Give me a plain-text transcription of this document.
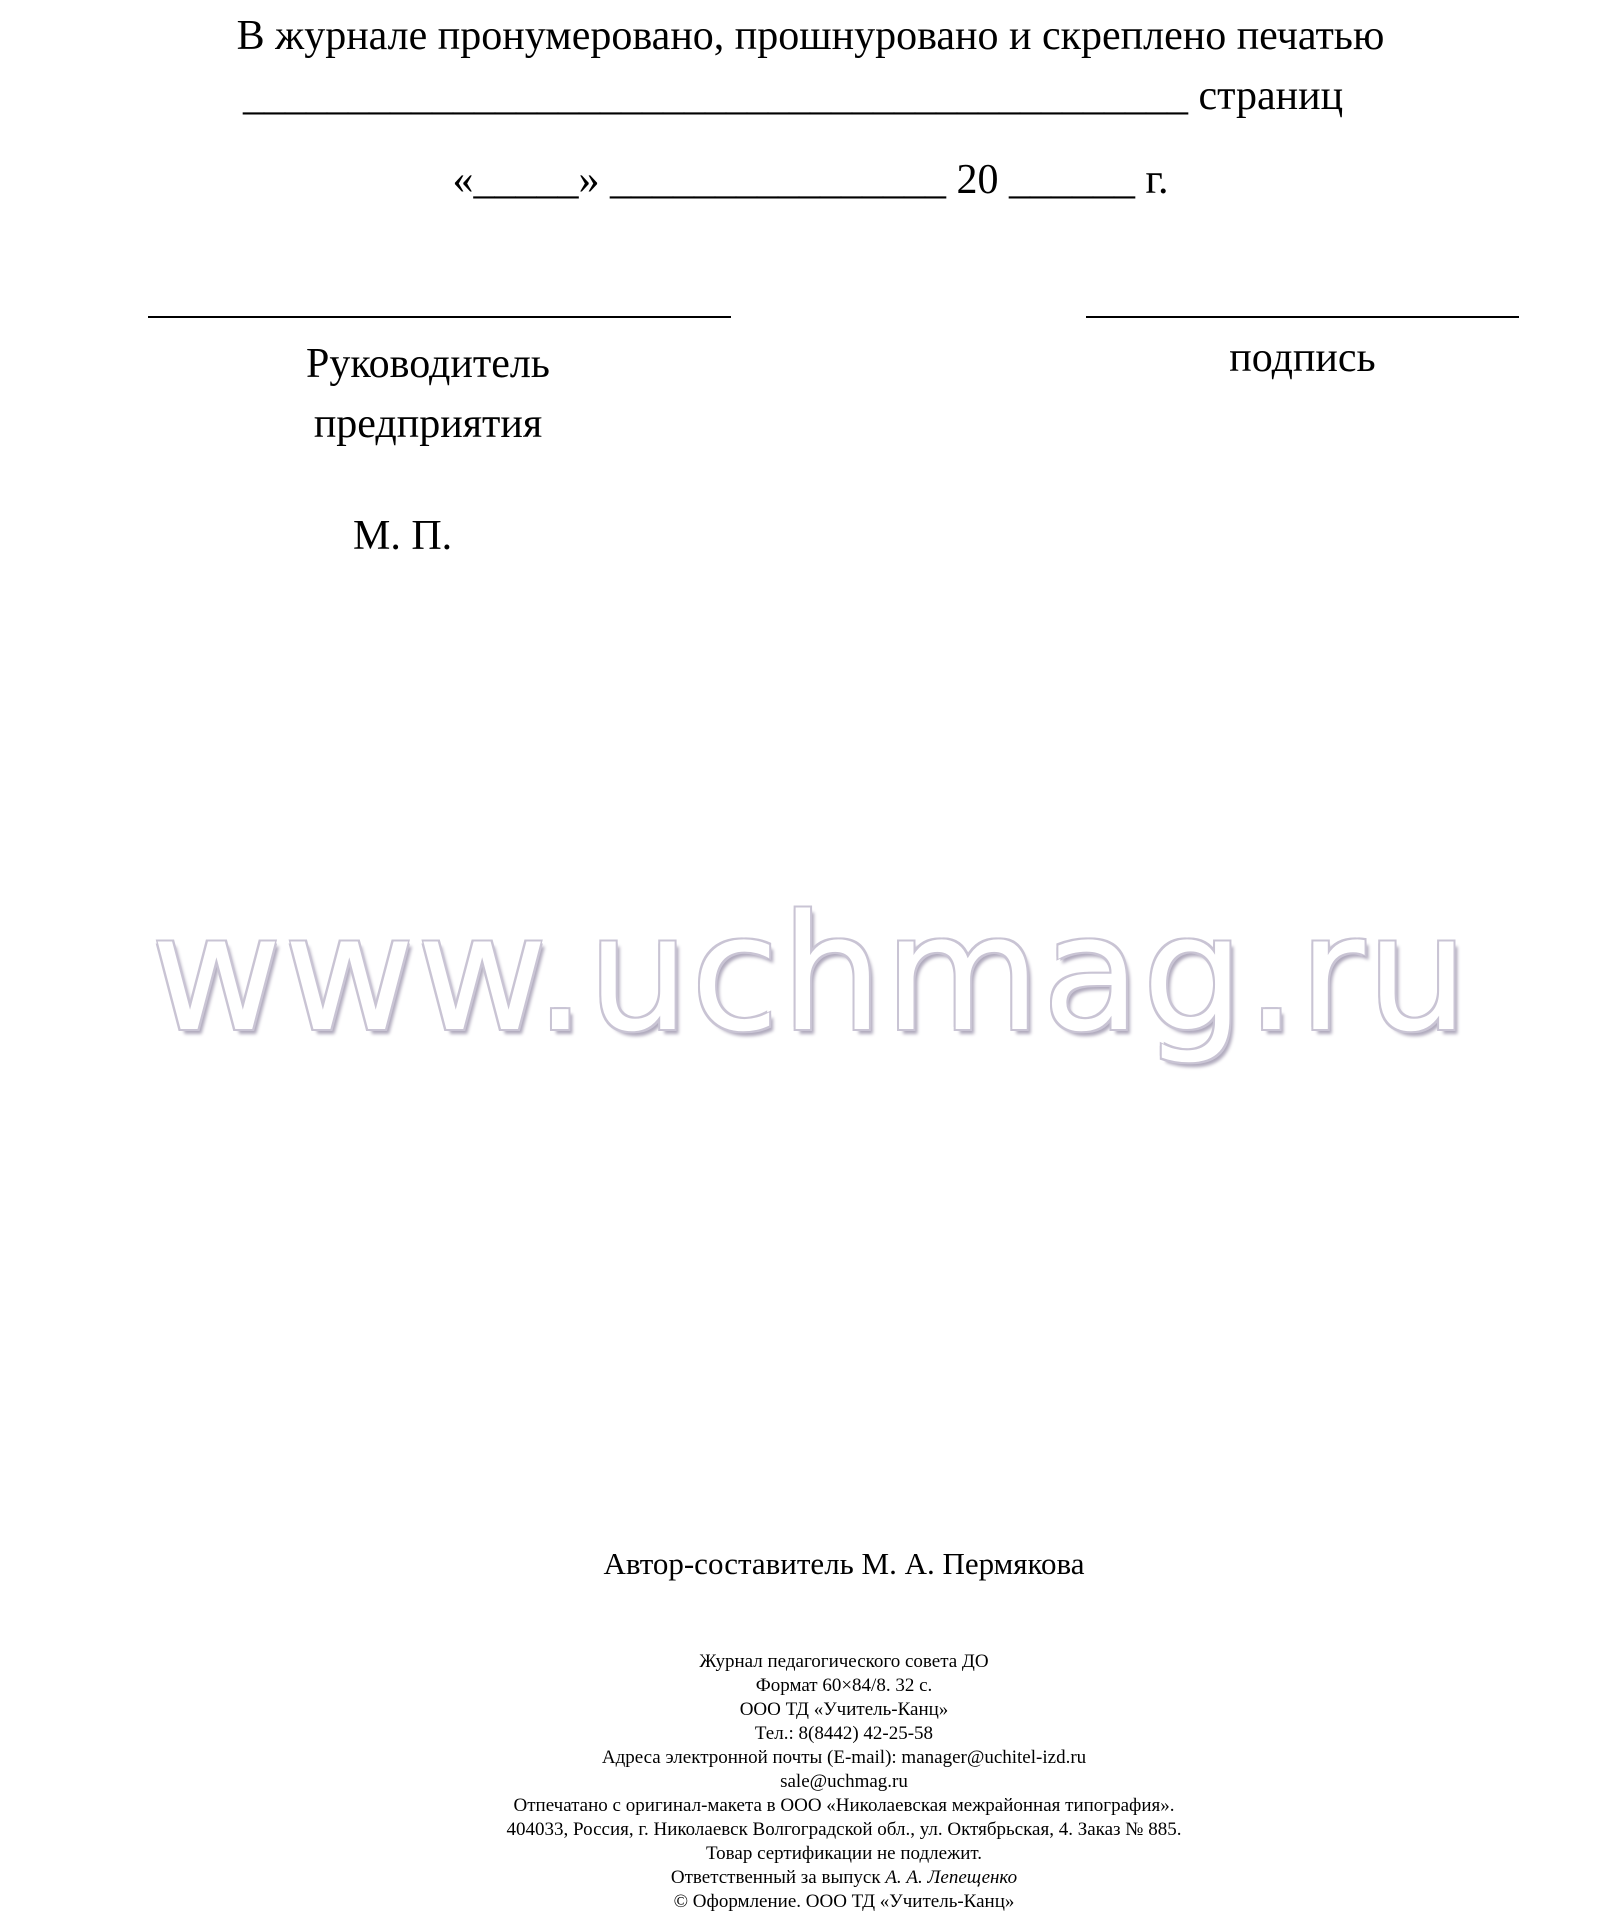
В журнале пронумеровано, прошнуровано и скреплено печатью
_____________________________________________ страниц
«_____» ________________ 20 ______ г.
Руководитель
предприятия
подпись
М. П.
www.uchmag.ru
Автор-составитель М. А. Пермякова
Журнал педагогического совета ДО
Формат 60×84/8. 32 с.
ООО ТД «Учитель-Канц»
Тел.: 8(8442) 42-25-58
Адреса электронной почты (E-mail): manager@uchitel-izd.ru
sale@uchmag.ru
Отпечатано с оригинал-макета в ООО «Николаевская межрайонная типография».
404033, Россия, г. Николаевск Волгоградской обл., ул. Октябрьская, 4. Заказ № 885.
Товар сертификации не подлежит.
Ответственный за выпуск А. А. Лепещенко
© Оформление. ООО ТД «Учитель-Канц»
